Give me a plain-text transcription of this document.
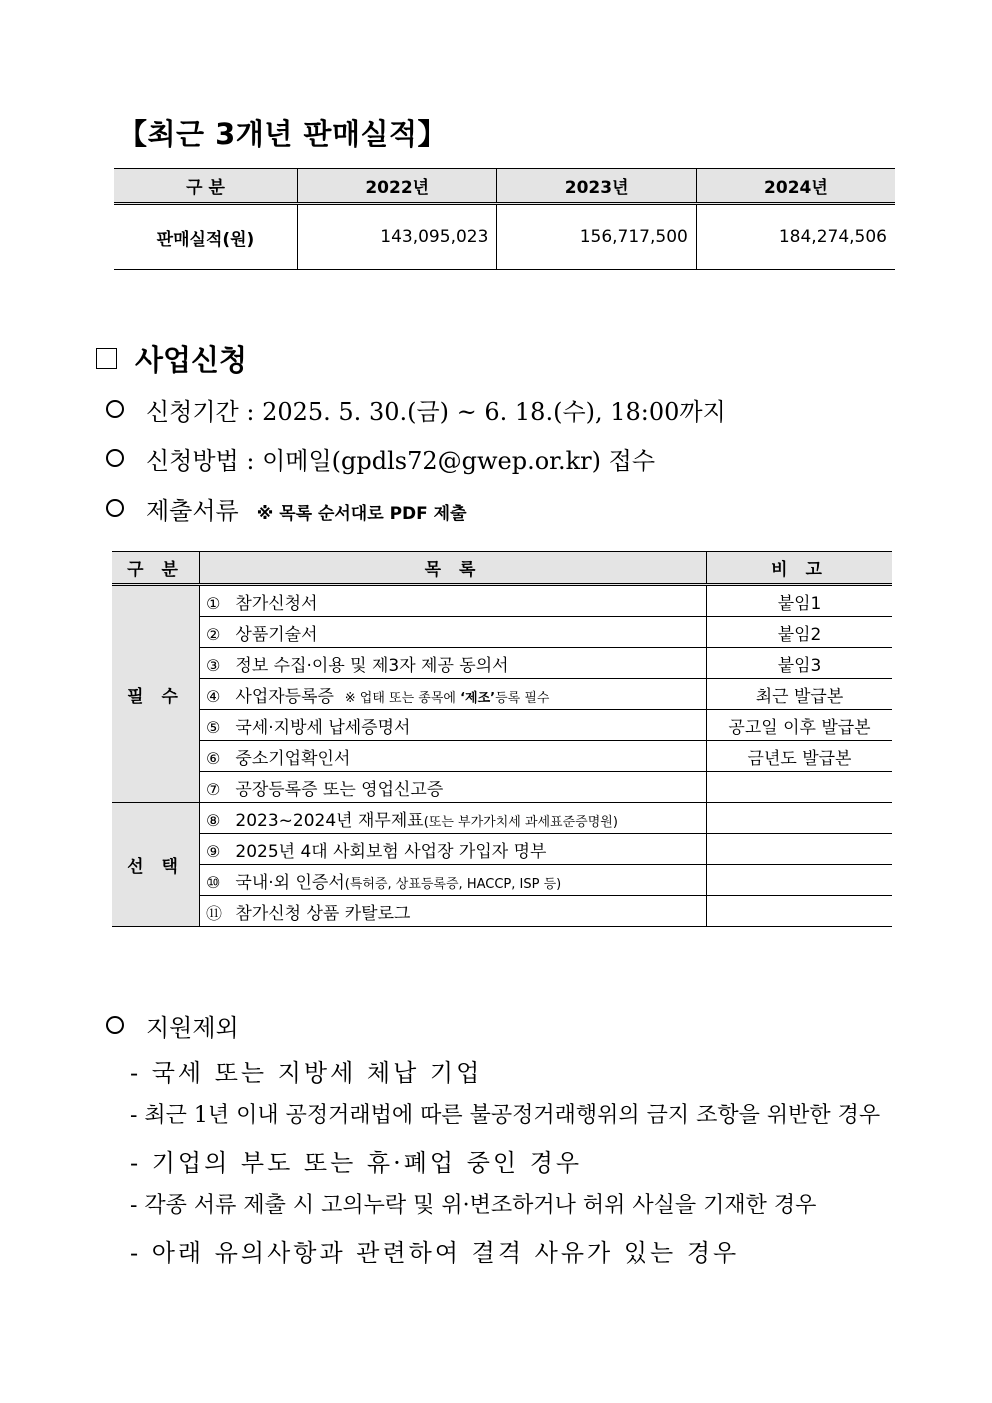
【최근 3개년 판매실적】
구 분	2022년	2023년	2024년
판매실적(원)	143,095,023	156,717,500	184,274,506
사업신청
신청기간 : 2025. 5. 30.(금) ~ 6. 18.(수), 18:00까지
신청방법 : 이메일(gpdls72@gwep.or.kr) 접수
제출서류 ※ 목록 순서대로 PDF 제출
구 분	목 록	비 고
필 수	① 참가신청서	붙임1
	② 상품기술서	붙임2
	③ 정보 수집·이용 및 제3자 제공 동의서	붙임3
	④ 사업자등록증 ※ 업태 또는 종목에 ‘제조’등록 필수	최근 발급본
	⑤ 국세·지방세 납세증명서	공고일 이후 발급본
	⑥ 중소기업확인서	금년도 발급본
	⑦ 공장등록증 또는 영업신고증	
선 택	⑧ 2023~2024년 재무제표(또는 부가가치세 과세표준증명원)	
	⑨ 2025년 4대 사회보험 사업장 가입자 명부	
	⑩ 국내·외 인증서(특허증, 상표등록증, HACCP, ISP 등)	
	⑪ 참가신청 상품 카탈로그	
지원제외
- 국세 또는 지방세 체납 기업
- 최근 1년 이내 공정거래법에 따른 불공정거래행위의 금지 조항을 위반한 경우
- 기업의 부도 또는 휴·폐업 중인 경우
- 각종 서류 제출 시 고의누락 및 위·변조하거나 허위 사실을 기재한 경우
- 아래 유의사항과 관련하여 결격 사유가 있는 경우
